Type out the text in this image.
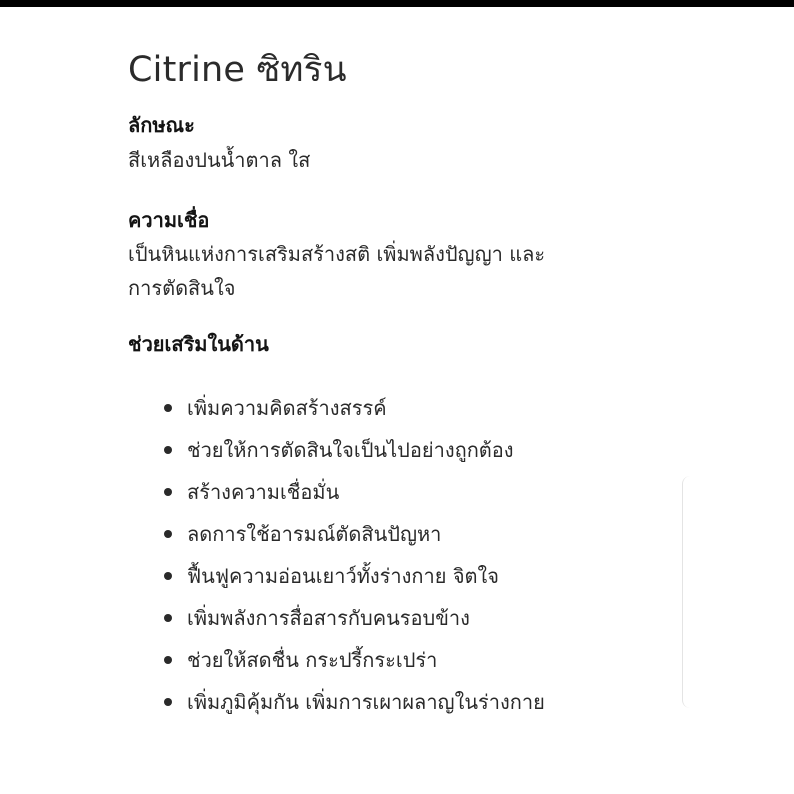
Citrine ซิทริน
ลักษณะ

สีเหลืองปนน้ำตาล ใส

ความเชื่อ

เป็นหินแห่งการเสริมสร้างสติ เพิ่มพลังปัญญา และ

การตัดสินใจ

ช่วยเสริมในด้าน
เพิ่มความคิดสร้างสรรค์
ช่วยให้การตัดสินใจเป็นไปอย่างถูกต้อง
สร้างความเชื่อมั่น
ลดการใช้อารมณ์ตัดสินปัญหา
ฟื้นฟูความอ่อนเยาว์ทั้งร่างกาย จิตใจ
เพิ่มพลังการสื่อสารกับคนรอบข้าง
ช่วยให้สดชื่น กระปรี้กระเปร่า
เพิ่มภูมิคุ้มกัน เพิ่มการเผาผลาญในร่างกาย
